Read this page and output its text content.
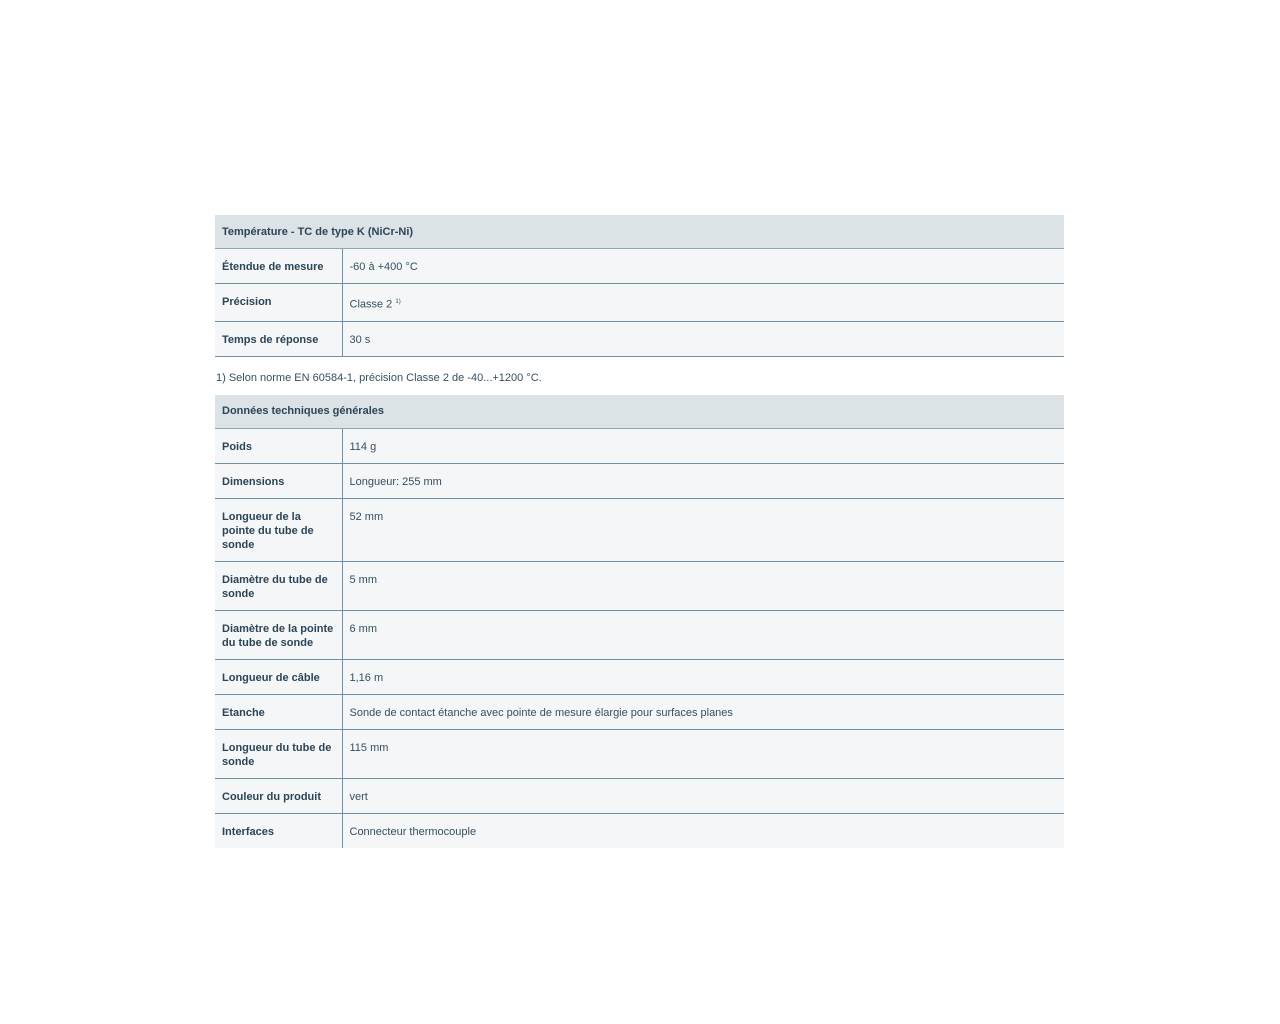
Température - TC de type K (NiCr-Ni)	
Étendue de mesure	-60 à +400 °C
Précision	Classe 2 $^{1)}$
Temps de réponse	30 s
1) Selon norme EN 60584-1, précision Classe 2 de -40...+1200 °C.
Données techniques générales	
Poids	114 g
Dimensions	Longueur: 255 mm
Longueur de la pointe du tube de sonde	52 mm
Diamètre du tube de sonde	5 mm
Diamètre de la pointe du tube de sonde	6 mm
Longueur de câble	1,16 m
Etanche	Sonde de contact étanche avec pointe de mesure élargie pour surfaces planes
Longueur du tube de sonde	115 mm
Couleur du produit	vert
Interfaces	Connecteur thermocouple
